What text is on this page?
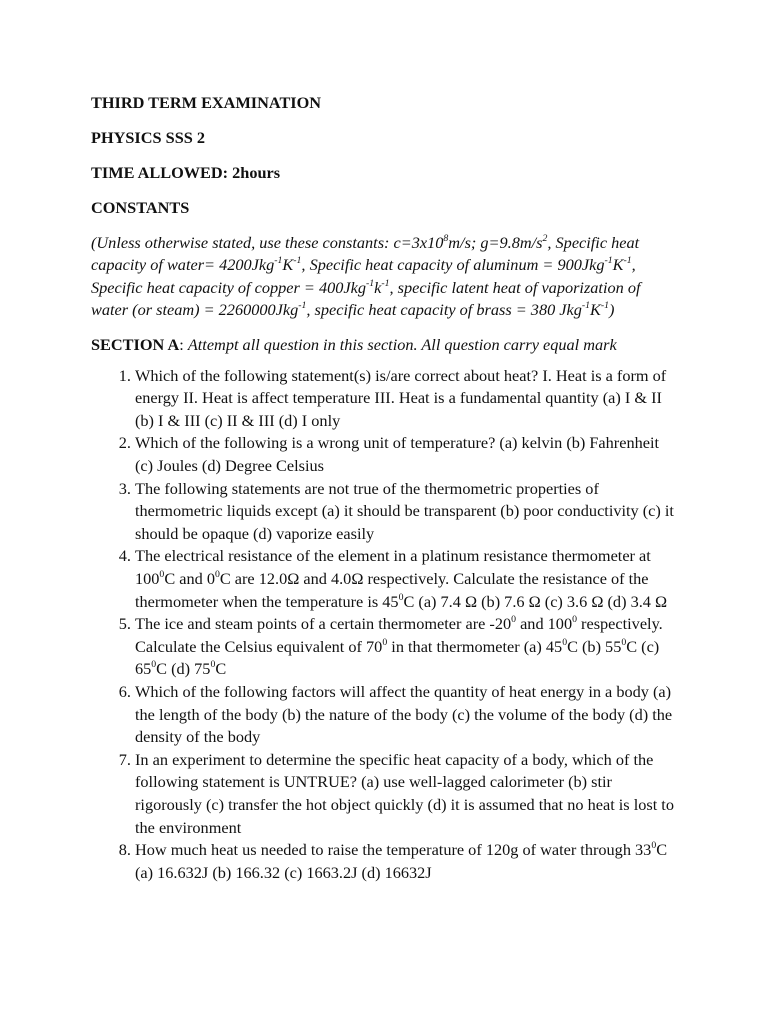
THIRD TERM EXAMINATION

PHYSICS SSS 2

TIME ALLOWED: 2hours

CONSTANTS

(Unless otherwise stated, use these constants: $c=3x10^8m/s$; $g=9.8m/s^2$, Specific heat capacity of water= $4200Jkg^{-1}K^{-1}$, Specific heat capacity of aluminum = $900Jkg^{-1}K^{-1}$, Specific heat capacity of copper = $400Jkg^{-1}k^{-1}$, specific latent heat of vaporization of water (or steam) = 2260000Jkg$^{-1}$, specific heat capacity of brass = 380 $Jkg^{-1}K^{-1}$)

SECTION A: Attempt all question in this section. All question carry equal mark

1. Which of the following statement(s) is/are correct about heat? I. Heat is a form of energy II. Heat is affect temperature III. Heat is a fundamental quantity (a) I & II (b) I & III (c) II & III (d) I only
2. Which of the following is a wrong unit of temperature? (a) kelvin (b) Fahrenheit (c) Joules (d) Degree Celsius
3. The following statements are not true of the thermometric properties of thermometric liquids except (a) it should be transparent (b) poor conductivity (c) it should be opaque (d) vaporize easily
4. The electrical resistance of the element in a platinum resistance thermometer at $100^0C$ and $0^0C$ are 12.0Ω and 4.0Ω respectively. Calculate the resistance of the thermometer when the temperature is $45^0C$ (a) 7.4 Ω (b) 7.6 Ω (c) 3.6 Ω (d) 3.4 Ω
5. The ice and steam points of a certain thermometer are $-20^0$ and $100^0$ respectively. Calculate the Celsius equivalent of $70^0$ in that thermometer (a) $45^0C$ (b) $55^0C$ (c) $65^0C$ (d) $75^0C$
6. Which of the following factors will affect the quantity of heat energy in a body (a) the length of the body (b) the nature of the body (c) the volume of the body (d) the density of the body
7. In an experiment to determine the specific heat capacity of a body, which of the following statement is UNTRUE? (a) use well-lagged calorimeter (b) stir rigorously (c) transfer the hot object quickly (d) it is assumed that no heat is lost to the environment
8. How much heat us needed to raise the temperature of 120g of water through $33^0C$ (a) 16.632J (b) 166.32 (c) 1663.2J (d) 16632J
